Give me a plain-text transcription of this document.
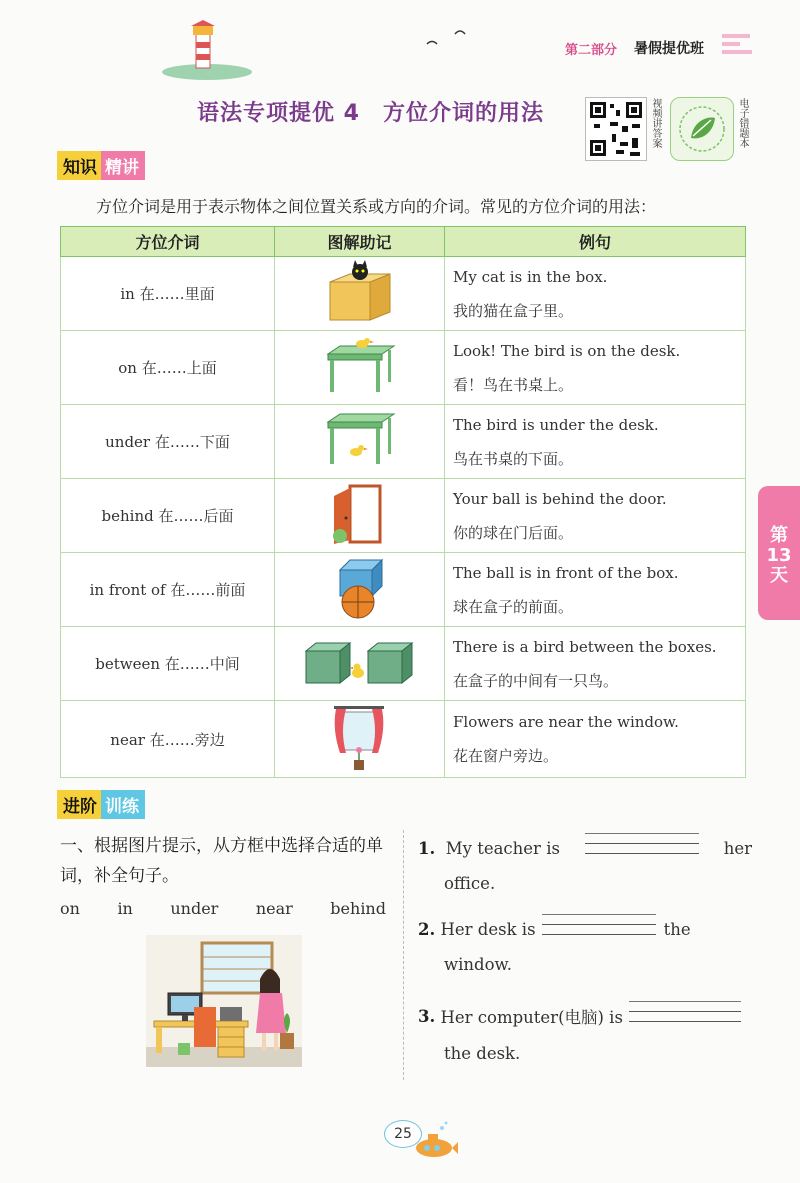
第二部分 暑假提优班
语法专项提优 4　方位介词的用法	视频讲答案	电子错题本
知识 精讲
方位介词是用于表示物体之间位置关系或方向的介词。常见的方位介词的用法：
方位介词	图解助记	例句
in 在……里面		My cat is in the box.
我的猫在盒子里。

on 在……上面		Look! The bird is on the desk.
看！鸟在书桌上。

under 在……下面		The bird is under the desk.
鸟在书桌的下面。

behind 在……后面		Your ball is behind the door.
你的球在门后面。

in front of 在……前面		The ball is in front of the box.
球在盒子的前面。

between 在……中间		There is a bird between the boxes.
在盒子的中间有一只鸟。

near 在……旁边		Flowers are near the window.
花在窗户旁边。
第
13
天
进阶 训练
一、根据图片提示，从方框中选择合适的单词，补全句子。
on in under near behind
1. My teacher is	her
office.
2.
Her desk is	the
window.
3.
Her computer(电脑) is
the desk.
25
